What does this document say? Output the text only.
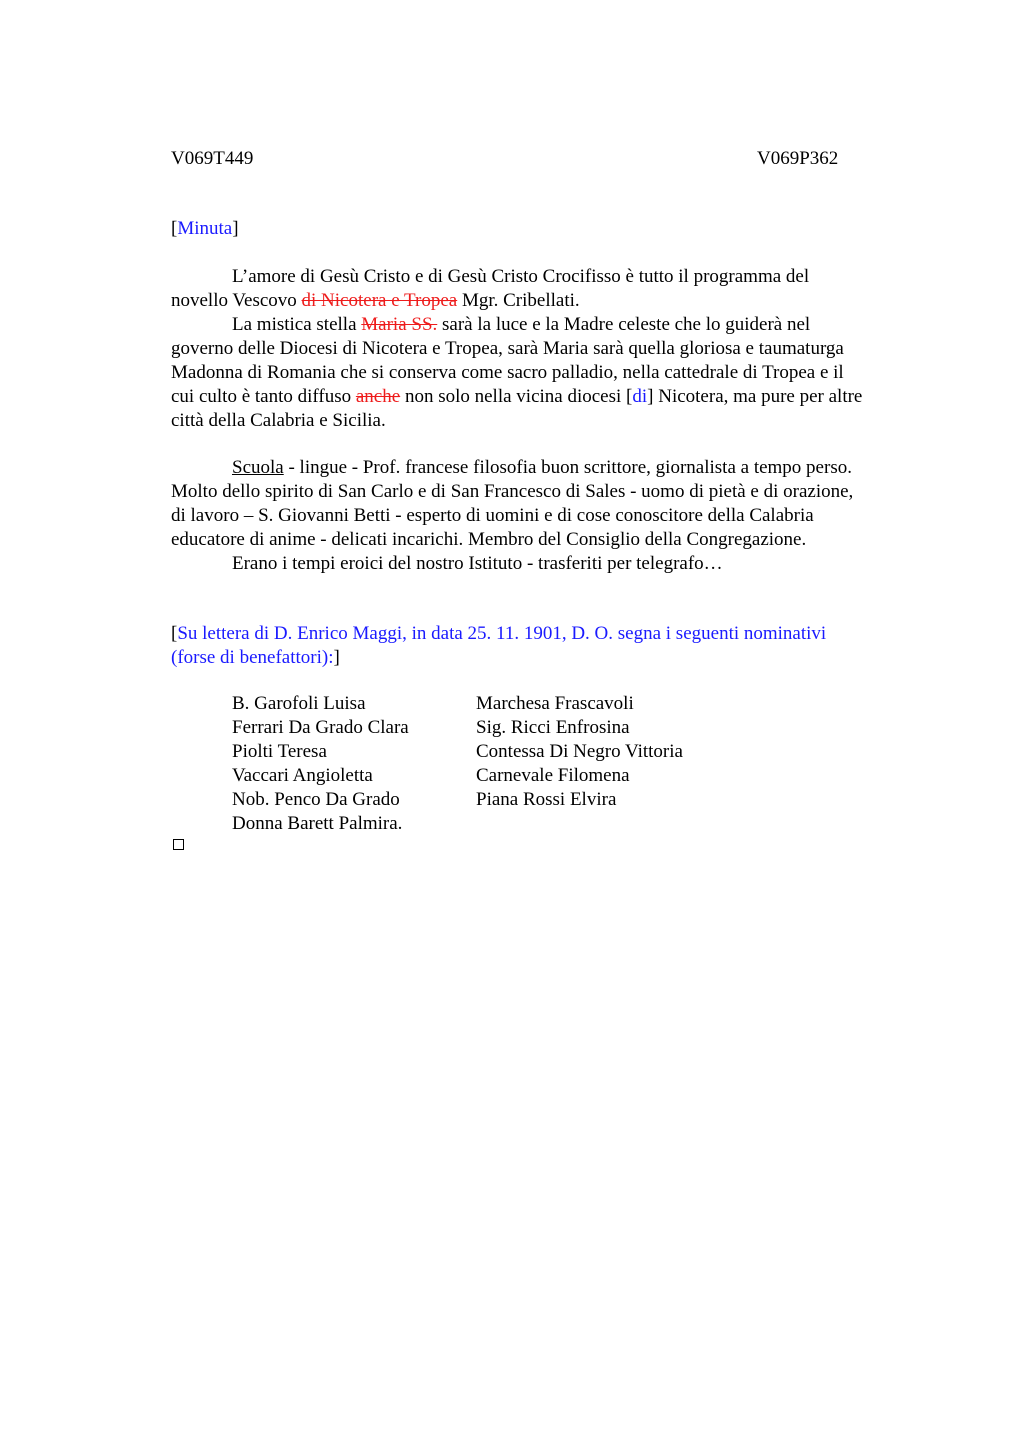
V069T449	V069P362
[Minuta]
L’amore di Gesù Cristo e di Gesù Cristo Crocifisso è tutto il programma del
novello Vescovo di Nicotera e Tropea Mgr. Cribellati.
La mistica stella Maria SS. sarà la luce e la Madre celeste che lo guiderà nel
governo delle Diocesi di Nicotera e Tropea, sarà Maria sarà quella gloriosa e taumaturga
Madonna di Romania che si conserva come sacro palladio, nella cattedrale di Tropea e il
cui culto è tanto diffuso anche non solo nella vicina diocesi [di] Nicotera, ma pure per altre
città della Calabria e Sicilia.
Scuola - lingue - Prof. francese filosofia buon scrittore, giornalista a tempo perso.
Molto dello spirito di San Carlo e di San Francesco di Sales - uomo di pietà e di orazione,
di lavoro – S. Giovanni Betti - esperto di uomini e di cose conoscitore della Calabria
educatore di anime - delicati incarichi. Membro del Consiglio della Congregazione.
Erano i tempi eroici del nostro Istituto - trasferiti per telegrafo…
[Su lettera di D. Enrico Maggi, in data 25. 11. 1901, D. O. segna i seguenti nominativi
(forse di benefattori):]
B. Garofoli Luisa	Marchesa Frascavoli
Ferrari Da Grado Clara	Sig. Ricci Enfrosina
Piolti Teresa	Contessa Di Negro Vittoria
Vaccari Angioletta	Carnevale Filomena
Nob. Penco Da Grado	Piana Rossi Elvira
Donna Barett Palmira.
